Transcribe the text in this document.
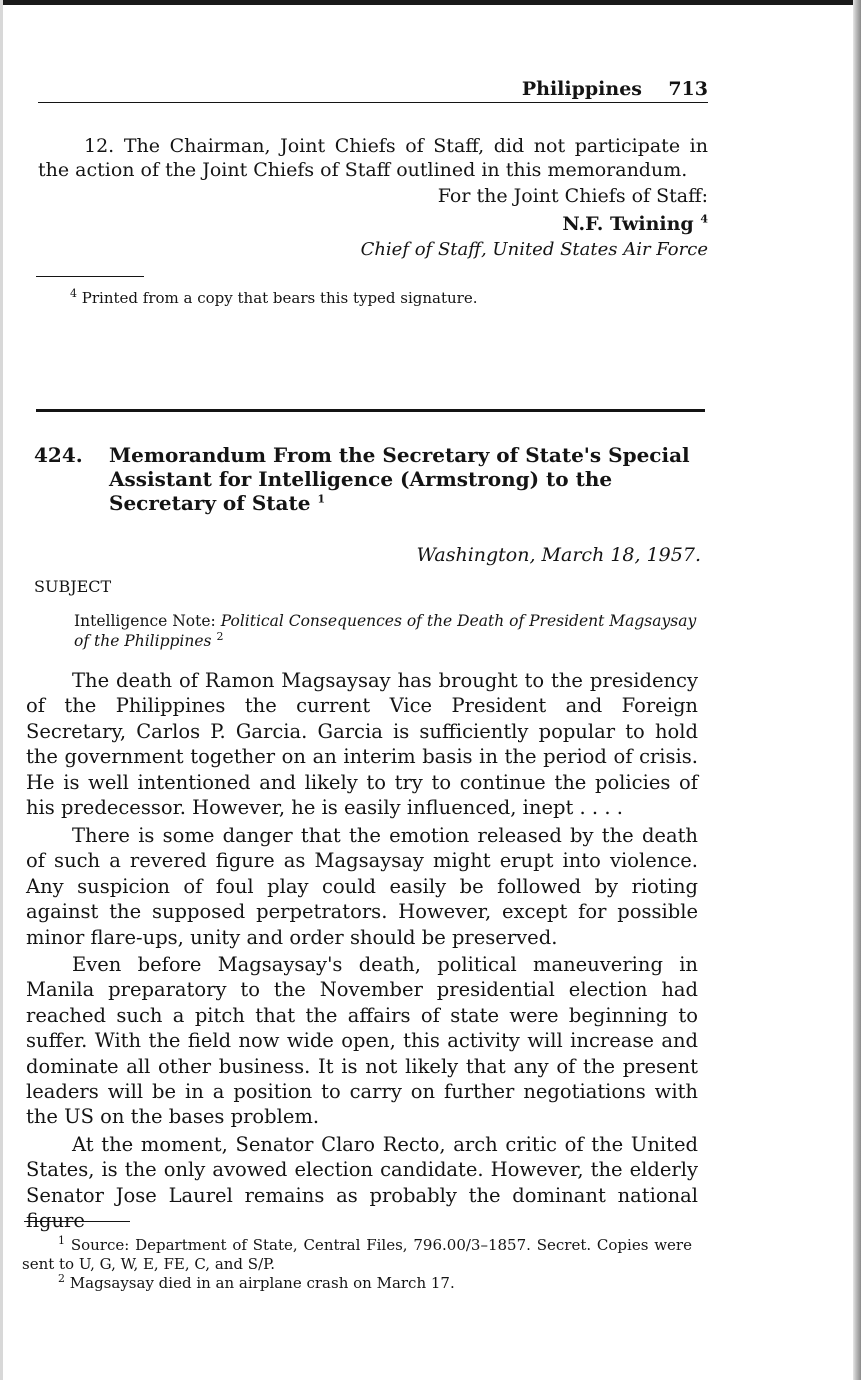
Philippines 713

12. The Chairman, Joint Chiefs of Staff, did not participate in the action of the Joint Chiefs of Staff outlined in this memorandum.

For the Joint Chiefs of Staff:
N.F. Twining $^4$
Chief of Staff, United States Air Force
$^4$ Printed from a copy that bears this typed signature.
424. Memorandum From the Secretary of State's Special Assistant for Intelligence (Armstrong) to the Secretary of State $^1$
Washington, March 18, 1957.
SUBJECT
Intelligence Note: Political Consequences of the Death of President Magsaysay of the Philippines $^2$

The death of Ramon Magsaysay has brought to the presidency of the Philippines the current Vice President and Foreign Secretary, Carlos P. Garcia. Garcia is sufficiently popular to hold the government together on an interim basis in the period of crisis. He is well intentioned and likely to try to continue the policies of his predecessor. However, he is easily influenced, inept . . . .

There is some danger that the emotion released by the death of such a revered figure as Magsaysay might erupt into violence. Any suspicion of foul play could easily be followed by rioting against the supposed perpetrators. However, except for possible minor flare-ups, unity and order should be preserved.

Even before Magsaysay's death, political maneuvering in Manila preparatory to the November presidential election had reached such a pitch that the affairs of state were beginning to suffer. With the field now wide open, this activity will increase and dominate all other business. It is not likely that any of the present leaders will be in a position to carry on further negotiations with the US on the bases problem.

At the moment, Senator Claro Recto, arch critic of the United States, is the only avowed election candidate. However, the elderly Senator Jose Laurel remains as probably the dominant national figure

$^1$ Source: Department of State, Central Files, 796.00/3–1857. Secret. Copies were sent to U, G, W, E, FE, C, and S/P.
$^2$ Magsaysay died in an airplane crash on March 17.
